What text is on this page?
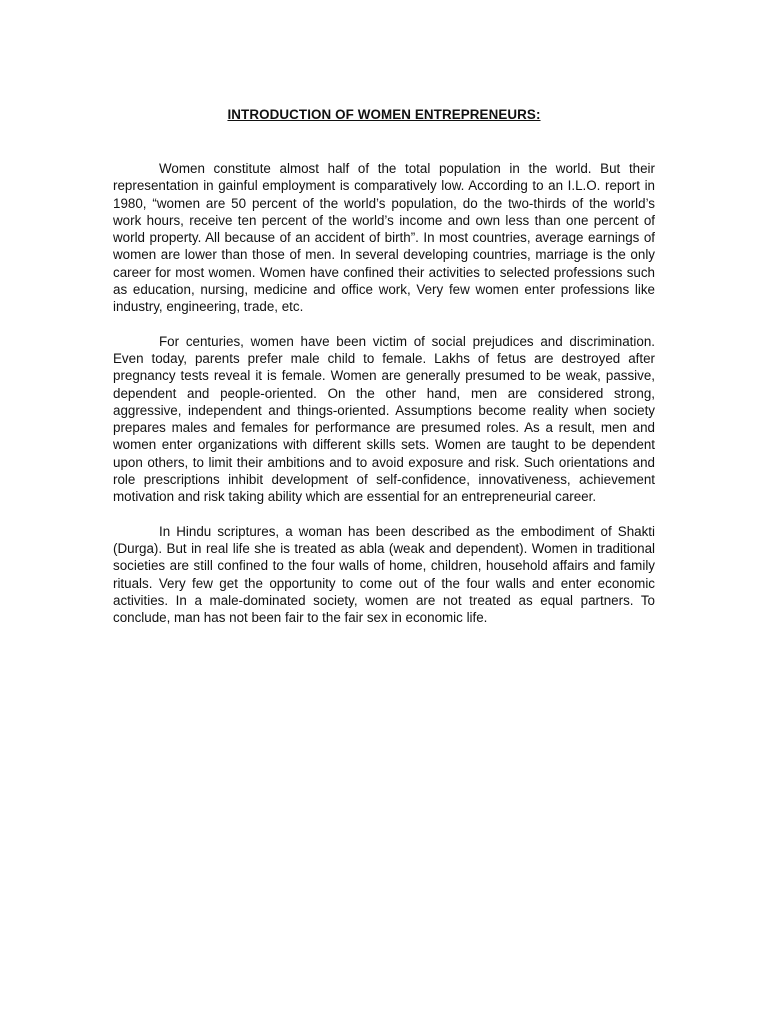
INTRODUCTION OF WOMEN ENTREPRENEURS:

Women constitute almost half of the total population in the world. But their representation in gainful employment is comparatively low. According to an I.L.O. report in 1980, “women are 50 percent of the world’s population, do the two-thirds of the world’s work hours, receive ten percent of the world’s income and own less than one percent of world property. All because of an accident of birth”. In most countries, average earnings of women are lower than those of men. In several developing countries, marriage is the only career for most women. Women have confined their activities to selected professions such as education, nursing, medicine and office work, Very few women enter professions like industry, engineering, trade, etc.

For centuries, women have been victim of social prejudices and discrimination. Even today, parents prefer male child to female. Lakhs of fetus are destroyed after pregnancy tests reveal it is female. Women are generally presumed to be weak, passive, dependent and people-oriented. On the other hand, men are considered strong, aggressive, independent and things-oriented. Assumptions become reality when society prepares males and females for performance are presumed roles. As a result, men and women enter organizations with different skills sets. Women are taught to be dependent upon others, to limit their ambitions and to avoid exposure and risk. Such orientations and role prescriptions inhibit development of self-confidence, innovativeness, achievement motivation and risk taking ability which are essential for an entrepreneurial career.

In Hindu scriptures, a woman has been described as the embodiment of Shakti (Durga). But in real life she is treated as abla (weak and dependent). Women in traditional societies are still confined to the four walls of home, children, household affairs and family rituals. Very few get the opportunity to come out of the four walls and enter economic activities. In a male-dominated society, women are not treated as equal partners. To conclude, man has not been fair to the fair sex in economic life.
